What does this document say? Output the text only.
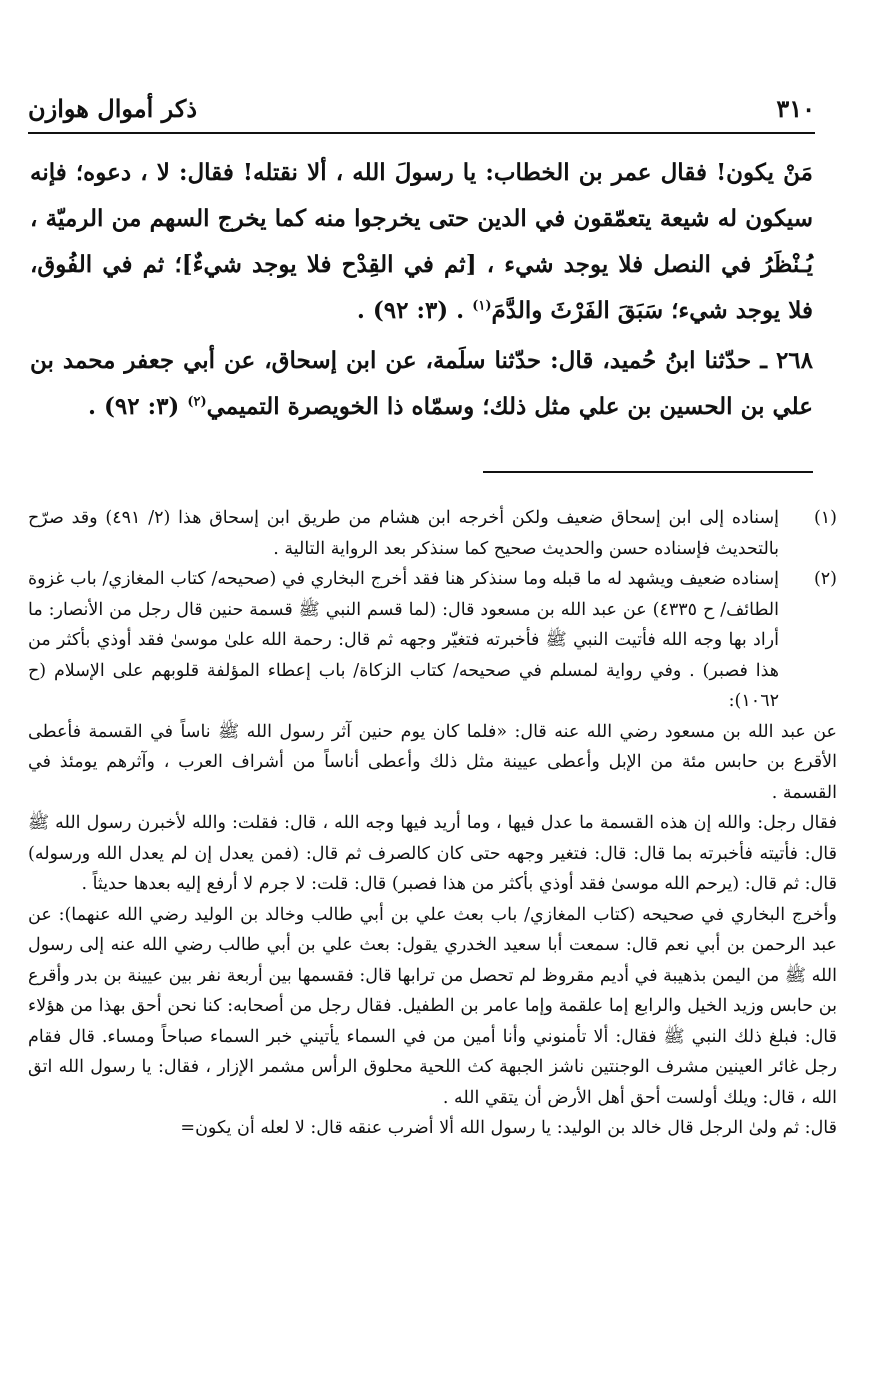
٣١٠
ذكر أموال هوازن

مَنْ يكون! فقال عمر بن الخطاب: يا رسولَ الله ، ألا نقتله! فقال: لا ، دعوه؛ فإنه سيكون له شيعة يتعمّقون في الدين حتى يخرجوا منه كما يخرج السهم من الرميّة ، يُـنْظَرُ في النصل فلا يوجد شيء ، [ثم في القِدْح فلا يوجد شيءٌ]؛ ثم في الفُوق، فلا يوجد شيء؛ سَبَقَ الفَرْثَ والدَّمَ$^{(١)}$ . (٣: ٩٢) .

٢٦٨ ـ حدّثنا ابنُ حُميد، قال: حدّثنا سلَمة، عن ابن إسحاق، عن أبي جعفر محمد بن علي بن الحسين بن علي مثل ذلك؛ وسمّاه ذا الخويصرة التميمي$^{(٢)}$ (٣: ٩٢) .

(١)

إسناده إلى ابن إسحاق ضعيف ولكن أخرجه ابن هشام من طريق ابن إسحاق هذا (٢/ ٤٩١) وقد صرّح بالتحديث فإسناده حسن والحديث صحيح كما سنذكر بعد الرواية التالية .

(٢)

إسناده ضعيف ويشهد له ما قبله وما سنذكر هنا فقد أخرج البخاري في (صحيحه/ كتاب المغازي/ باب غزوة الطائف/ ح ٤٣٣٥) عن عبد الله بن مسعود قال: (لما قسم النبي ﷺ قسمة حنين قال رجل من الأنصار: ما أراد بها وجه الله فأتيت النبي ﷺ فأخبرته فتغيّر وجهه ثم قال: رحمة الله علىٰ موسىٰ فقد أوذي بأكثر من هذا فصبر) . وفي رواية لمسلم في صحيحه/ كتاب الزكاة/ باب إعطاء المؤلفة قلوبهم على الإسلام (ح ١٠٦٢):

عن عبد الله بن مسعود رضي الله عنه قال: «فلما كان يوم حنين آثر رسول الله ﷺ ناساً في القسمة فأعطى الأقرع بن حابس مئة من الإبل وأعطى عيينة مثل ذلك وأعطى أناساً من أشراف العرب ، وآثرهم يومئذ في القسمة .

فقال رجل: والله إن هذه القسمة ما عدل فيها ، وما أريد فيها وجه الله ، قال: فقلت: والله لأخبرن رسول الله ﷺ قال: فأتيته فأخبرته بما قال: قال: فتغير وجهه حتى كان كالصرف ثم قال: (فمن يعدل إن لم يعدل الله ورسوله) قال: ثم قال: (يرحم الله موسىٰ فقد أوذي بأكثر من هذا فصبر) قال: قلت: لا جرم لا أرفع إليه بعدها حديثاً .

وأخرج البخاري في صحيحه (كتاب المغازي/ باب بعث علي بن أبي طالب وخالد بن الوليد رضي الله عنهما): عن عبد الرحمن بن أبي نعم قال: سمعت أبا سعيد الخدري يقول: بعث علي بن أبي طالب رضي الله عنه إلى رسول الله ﷺ من اليمن بذهيبة في أديم مقروظ لم تحصل من ترابها قال: فقسمها بين أربعة نفر بين عيينة بن بدر وأقرع بن حابس وزيد الخيل والرابع إما علقمة وإما عامر بن الطفيل. فقال رجل من أصحابه: كنا نحن أحق بهذا من هؤلاء قال: فبلغ ذلك النبي ﷺ فقال: ألا تأمنوني وأنا أمين من في السماء يأتيني خبر السماء صباحاً ومساء. قال فقام رجل غائر العينين مشرف الوجنتين ناشز الجبهة كث اللحية محلوق الرأس مشمر الإزار ، فقال: يا رسول الله اتق الله ، قال: ويلك أولست أحق أهل الأرض أن يتقي الله .

قال: ثم ولىٰ الرجل قال خالد بن الوليد: يا رسول الله ألا أضرب عنقه قال: لا لعله أن يكون=
